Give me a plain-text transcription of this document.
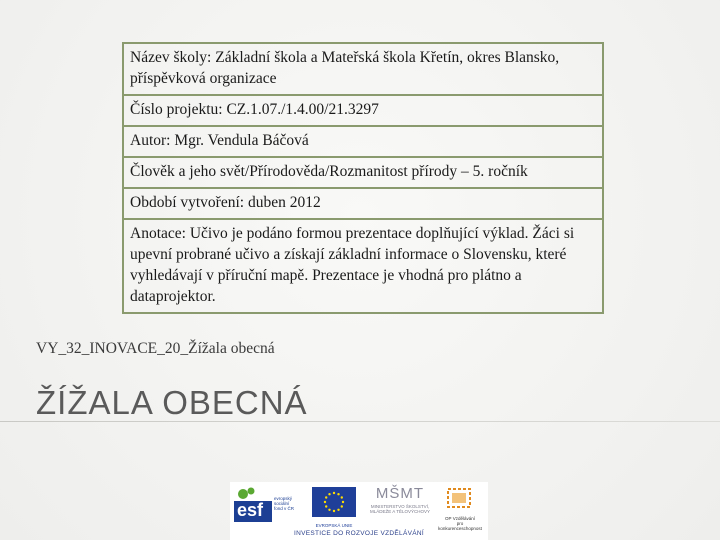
Název školy: Základní škola a Mateřská škola Křetín, okres Blansko, příspěvková organizace
Číslo projektu: CZ.1.07./1.4.00/21.3297
Autor: Mgr. Vendula Báčová
Člověk a jeho svět/Přírodověda/Rozmanitost přírody – 5. ročník
Období vytvoření: duben 2012
Anotace: Učivo je podáno formou prezentace doplňující výklad. Žáci si upevní probrané učivo a získají základní informace o Slovensku, které vyhledávají v příruční mapě. Prezentace je vhodná pro plátno a dataprojektor.
VY_32_INOVACE_20_Žížala obecná
ŽÍŽALA OBECNÁ
esf
evropský
sociální
fond v ČR
EVROPSKÁ UNIE
MŠMT
MINISTERSTVO ŠKOLSTVÍ,
MLÁDEŽE A TĚLOVÝCHOVY
OP Vzdělávání
pro konkurenceschopnost
INVESTICE DO ROZVOJE VZDĚLÁVÁNÍ
